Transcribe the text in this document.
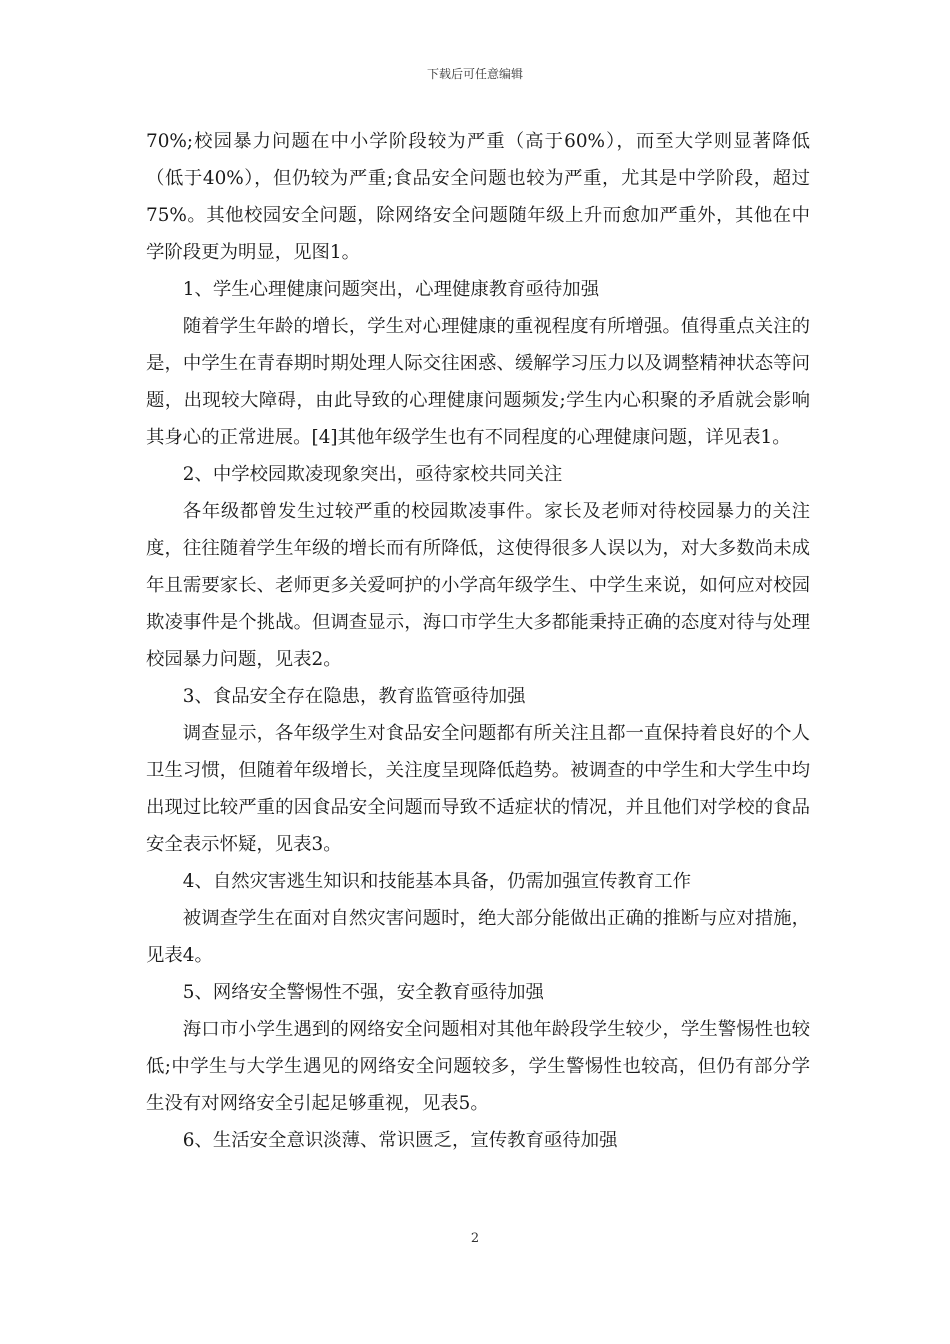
下载后可任意编辑

70%;校园暴力问题在中小学阶段较为严重（高于60%），而至大学则显著降低（低于40%），但仍较为严重;食品安全问题也较为严重，尤其是中学阶段，超过75%。其他校园安全问题，除网络安全问题随年级上升而愈加严重外，其他在中学阶段更为明显，见图1。

1、学生心理健康问题突出，心理健康教育亟待加强

随着学生年龄的增长，学生对心理健康的重视程度有所增强。值得重点关注的是，中学生在青春期时期处理人际交往困惑、缓解学习压力以及调整精神状态等问题，出现较大障碍，由此导致的心理健康问题频发;学生内心积聚的矛盾就会影响其身心的正常进展。[4]其他年级学生也有不同程度的心理健康问题，详见表1。

2、中学校园欺凌现象突出，亟待家校共同关注

各年级都曾发生过较严重的校园欺凌事件。家长及老师对待校园暴力的关注度，往往随着学生年级的增长而有所降低，这使得很多人误以为，对大多数尚未成年且需要家长、老师更多关爱呵护的小学高年级学生、中学生来说，如何应对校园欺凌事件是个挑战。但调查显示，海口市学生大多都能秉持正确的态度对待与处理校园暴力问题，见表2。

3、食品安全存在隐患，教育监管亟待加强

调查显示，各年级学生对食品安全问题都有所关注且都一直保持着良好的个人卫生习惯，但随着年级增长，关注度呈现降低趋势。被调查的中学生和大学生中均出现过比较严重的因食品安全问题而导致不适症状的情况，并且他们对学校的食品安全表示怀疑，见表3。

4、自然灾害逃生知识和技能基本具备，仍需加强宣传教育工作

被调查学生在面对自然灾害问题时，绝大部分能做出正确的推断与应对措施，见表4。

5、网络安全警惕性不强，安全教育亟待加强

海口市小学生遇到的网络安全问题相对其他年龄段学生较少，学生警惕性也较低;中学生与大学生遇见的网络安全问题较多，学生警惕性也较高，但仍有部分学生没有对网络安全引起足够重视，见表5。

6、生活安全意识淡薄、常识匮乏，宣传教育亟待加强

2
